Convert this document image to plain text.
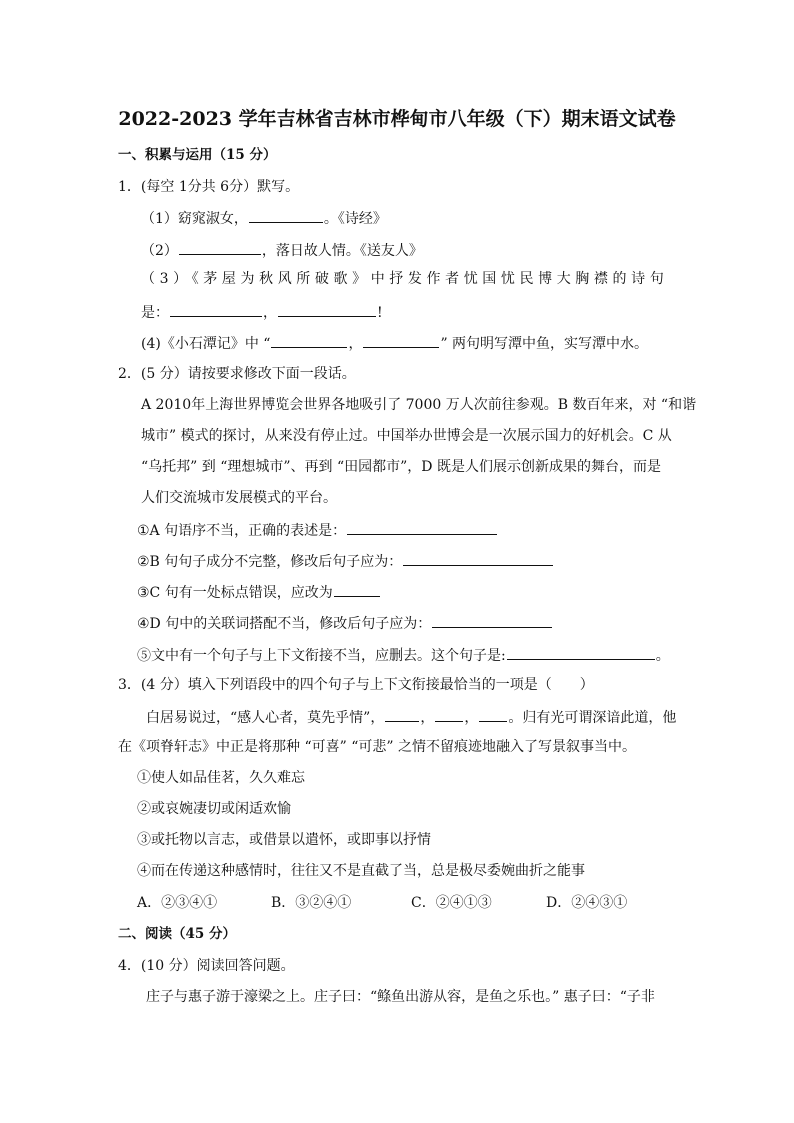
2022-2023 学年吉林省吉林市桦甸市八年级（下）期末语文试卷
一、积累与运用（15 分）
1．(每空 1分共 6分）默写。
（1）窈窕淑女，	。《诗经》
（2）	，落日故人情。《送友人》
（3）《茅屋为秋风所破歌》中抒发作者忧国忧民博大胸襟的诗句
是：	，	!
(4)《小石潭记》中 “	，	” 两句明写潭中鱼，实写潭中水。
2．(5 分）请按要求修改下面一段话。
A 2010年上海世界博览会世界各地吸引了 7000 万人次前往参观。B 数百年来，对 “和谐
城市” 模式的探讨，从来没有停止过。中国举办世博会是一次展示国力的好机会。C 从
“乌托邦” 到 “理想城市”、再到 “田园都市”，D 既是人们展示创新成果的舞台，而是
人们交流城市发展模式的平台。
①A 句语序不当，正确的表述是：
②B 句句子成分不完整，修改后句子应为：
③C 句有一处标点错误，应改为
④D 句中的关联词搭配不当，修改后句子应为：
⑤文中有一个句子与上下文衔接不当，应删去。这个句子是:	。
3．(4 分）填入下列语段中的四个句子与上下文衔接最恰当的一项是（　　）
白居易说过，“感人心者，莫先乎情”，	， ， 。归有光可谓深谙此道，他
在《项脊轩志》中正是将那种 “可喜” “可悲” 之情不留痕迹地融入了写景叙事当中。
①使人如品佳茗，久久难忘
②或哀婉凄切或闲适欢愉
③或托物以言志，或借景以遣怀，或即事以抒情
④而在传递这种感情时，往往又不是直截了当，总是极尽委婉曲折之能事
A．②③④①	B．③②④①	C．②④①③	D．②④③①
二、阅读（45 分）
4．(10 分）阅读回答问题。
庄子与惠子游于濠梁之上。庄子曰：“鲦鱼出游从容，是鱼之乐也。” 惠子曰：“子非
